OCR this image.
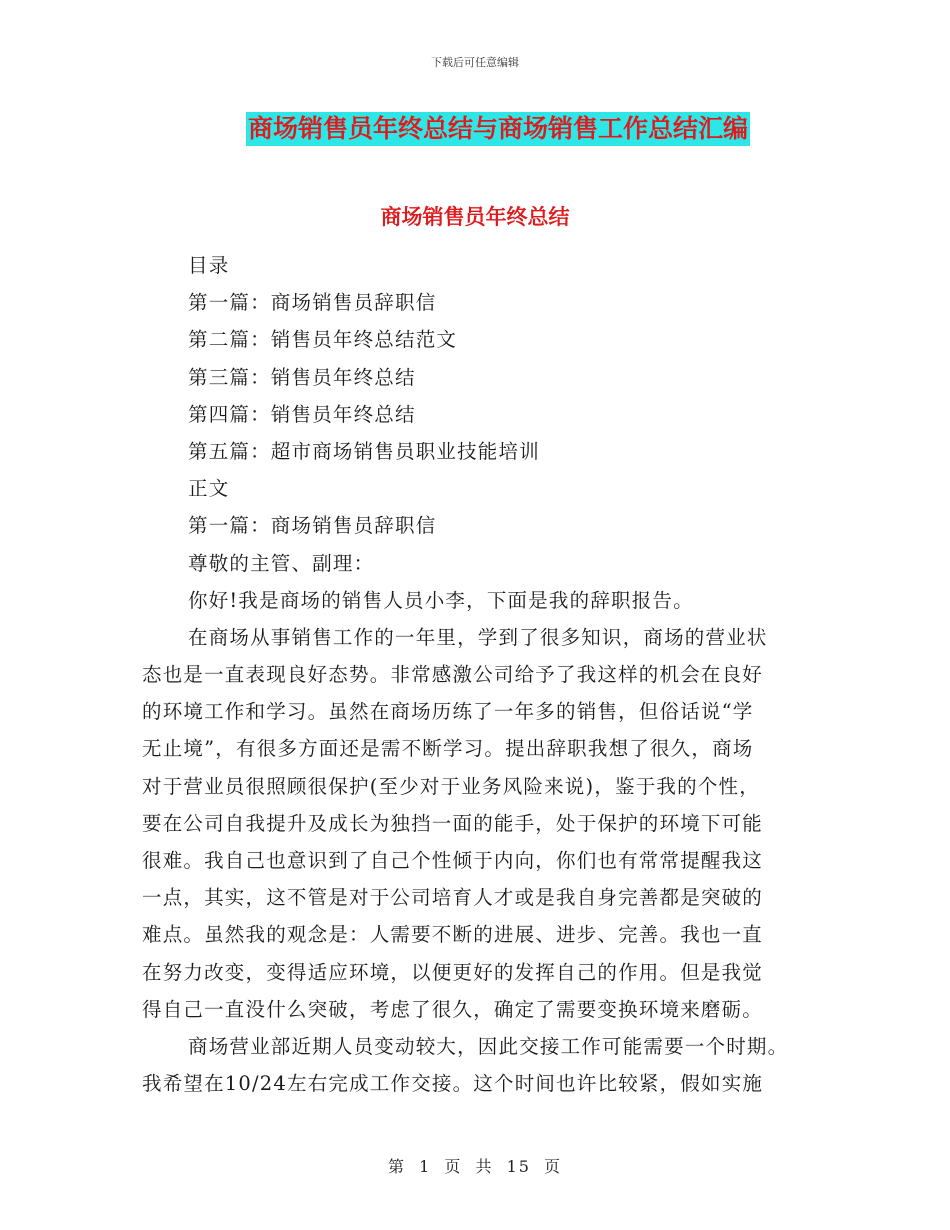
下载后可任意编辑
商场销售员年终总结与商场销售工作总结汇编
商场销售员年终总结
目录
第一篇：商场销售员辞职信
第二篇：销售员年终总结范文
第三篇：销售员年终总结
第四篇：销售员年终总结
第五篇：超市商场销售员职业技能培训
正文
第一篇：商场销售员辞职信
尊敬的主管、副理：
你好!我是商场的销售人员小李，下面是我的辞职报告。
在商场从事销售工作的一年里，学到了很多知识，商场的营业状
态也是一直表现良好态势。非常感激公司给予了我这样的机会在良好
的环境工作和学习。虽然在商场历练了一年多的销售，但俗话说“学
无止境”，有很多方面还是需不断学习。提出辞职我想了很久，商场
对于营业员很照顾很保护(至少对于业务风险来说)，鉴于我的个性，
要在公司自我提升及成长为独挡一面的能手，处于保护的环境下可能
很难。我自己也意识到了自己个性倾于内向，你们也有常常提醒我这
一点，其实，这不管是对于公司培育人才或是我自身完善都是突破的
难点。虽然我的观念是：人需要不断的进展、进步、完善。我也一直
在努力改变，变得适应环境，以便更好的发挥自己的作用。但是我觉
得自己一直没什么突破，考虑了很久，确定了需要变换环境来磨砺。
商场营业部近期人员变动较大，因此交接工作可能需要一个时期。
我希望在10/24左右完成工作交接。这个时间也许比较紧，假如实施
第 1 页 共 15 页
